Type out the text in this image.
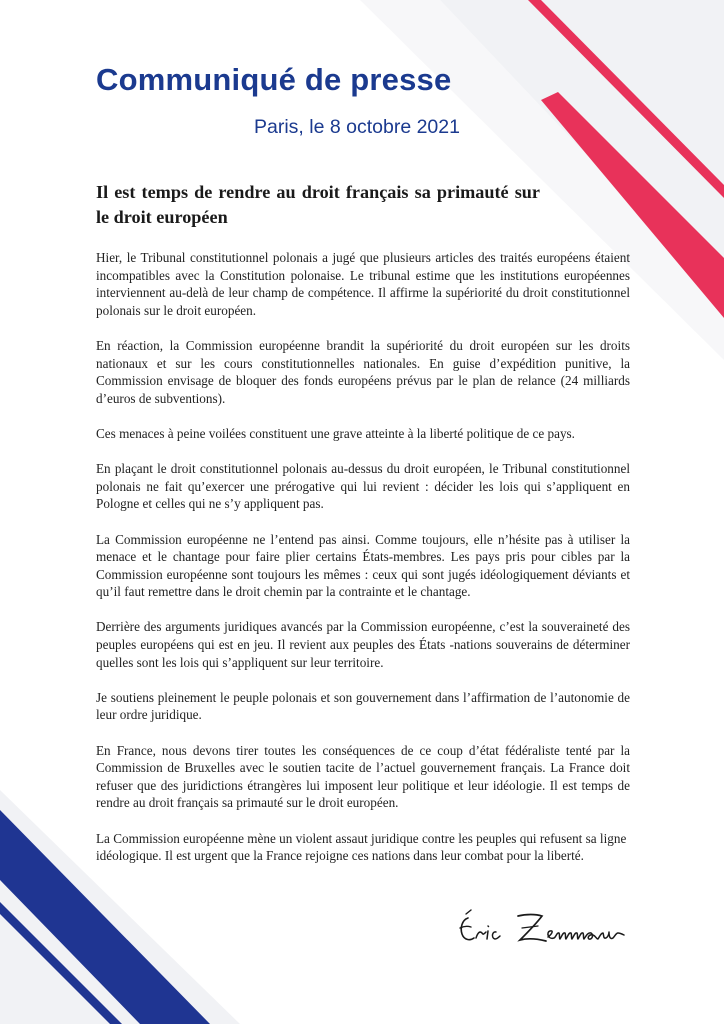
Communiqué de presse
Paris, le 8 octobre 2021
Il est temps de rendre au droit français sa primauté sur le droit européen

Hier, le Tribunal constitutionnel polonais a jugé que plusieurs articles des traités européens étaient incompatibles avec la Constitution polonaise. Le tribunal estime que les institutions européennes interviennent au-delà de leur champ de compétence. Il affirme la supériorité du droit constitutionnel polonais sur le droit européen.

En réaction, la Commission européenne brandit la supériorité du droit européen sur les droits nationaux et sur les cours constitutionnelles nationales. En guise d’expédition punitive, la Commission envisage de bloquer des fonds européens prévus par le plan de relance (24 milliards d’euros de subventions).

Ces menaces à peine voilées constituent une grave atteinte à la liberté politique de ce pays.

En plaçant le droit constitutionnel polonais au-dessus du droit européen, le Tribunal constitutionnel polonais ne fait qu’exercer une prérogative qui lui revient : décider les lois qui s’appliquent en Pologne et celles qui ne s’y appliquent pas.

La Commission européenne ne l’entend pas ainsi. Comme toujours, elle n’hésite pas à utiliser la menace et le chantage pour faire plier certains États-membres. Les pays pris pour cibles par la Commission européenne sont toujours les mêmes : ceux qui sont jugés idéologiquement déviants et qu’il faut remettre dans le droit chemin par la contrainte et le chantage.

Derrière des arguments juridiques avancés par la Commission européenne, c’est la souveraineté des peuples européens qui est en jeu. Il revient aux peuples des États -nations souverains de déterminer quelles sont les lois qui s’appliquent sur leur territoire.

Je soutiens pleinement le peuple polonais et son gouvernement dans l’affirmation de l’autonomie de leur ordre juridique.

En France, nous devons tirer toutes les conséquences de ce coup d’état fédéraliste tenté par la Commission de Bruxelles avec le soutien tacite de l’actuel gouvernement français. La France doit refuser que des juridictions étrangères lui imposent leur politique et leur idéologie. Il est temps de rendre au droit français sa primauté sur le droit européen.

La Commission européenne mène un violent assaut juridique contre les peuples qui refusent sa ligne idéologique. Il est urgent que la France rejoigne ces nations dans leur combat pour la liberté.
